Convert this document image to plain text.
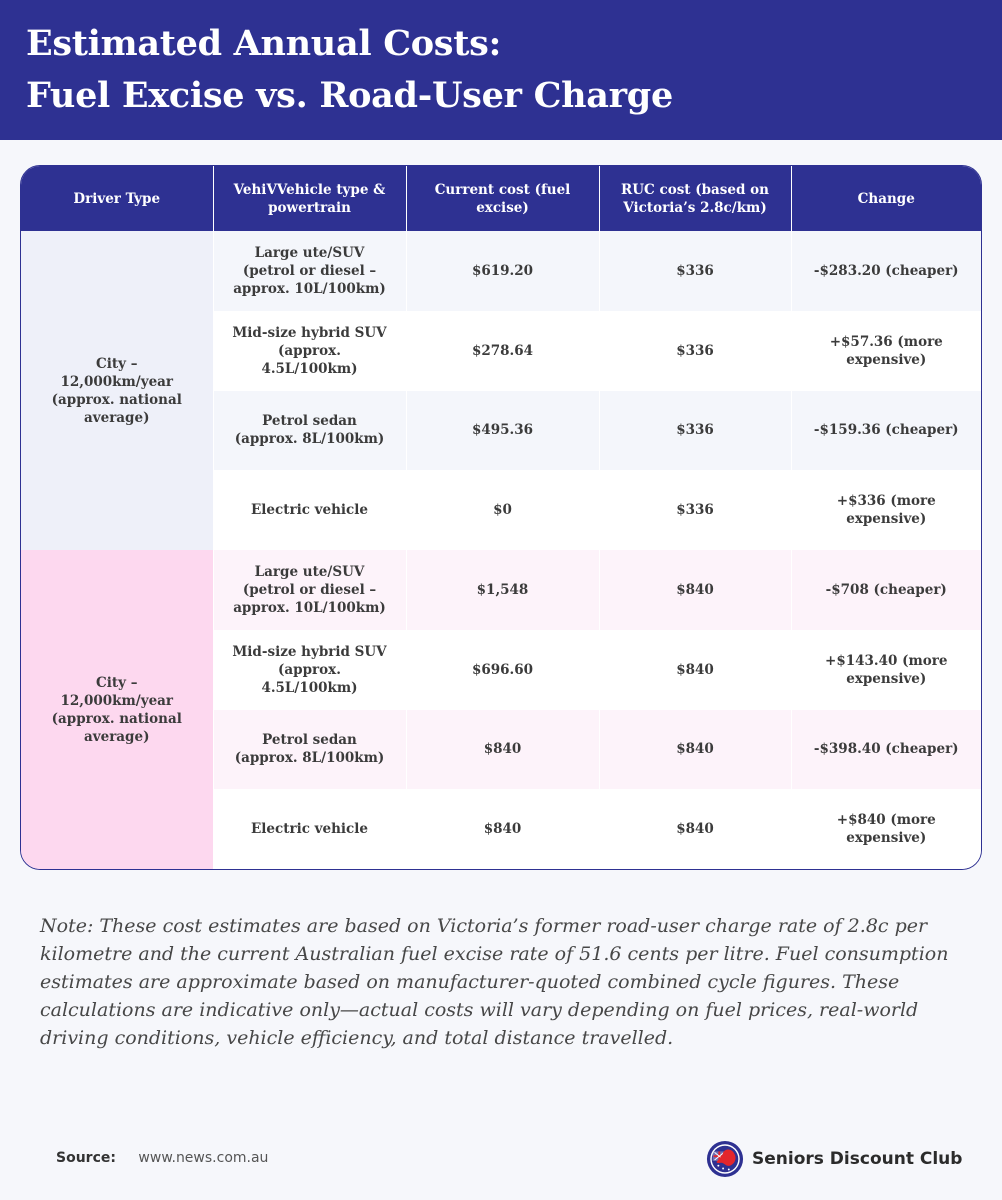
Estimated Annual Costs:
Fuel Excise vs. Road-User Charge
Driver Type	VehiVVehicle type & powertrain	Current cost (fuel excise)	RUC cost (based on Victoria’s 2.8c/km)	Change
City – 12,000km/year (approx. national average)	Large ute/SUV (petrol or diesel – approx. 10L/100km)	$619.20	$336	-$283.20 (cheaper)
	Mid-size hybrid SUV (approx. 4.5L/100km)	$278.64	$336	+$57.36 (more expensive)
	Petrol sedan (approx. 8L/100km)	$495.36	$336	-$159.36 (cheaper)
	Electric vehicle	$0	$336	+$336 (more expensive)
City – 12,000km/year (approx. national average)	Large ute/SUV (petrol or diesel – approx. 10L/100km)	$1,548	$840	-$708 (cheaper)
	Mid-size hybrid SUV (approx. 4.5L/100km)	$696.60	$840	+$143.40 (more expensive)
	Petrol sedan (approx. 8L/100km)	$840	$840	-$398.40 (cheaper)
	Electric vehicle	$840	$840	+$840 (more expensive)

Note: These cost estimates are based on Victoria’s former road-user charge rate of 2.8c per kilometre and the current Australian fuel excise rate of 51.6 cents per litre. Fuel consumption estimates are approximate based on manufacturer-quoted combined cycle figures. These calculations are indicative only—actual costs will vary depending on fuel prices, real-world driving conditions, vehicle efficiency, and total distance travelled.

Source: www.news.com.au	Seniors Discount Club
